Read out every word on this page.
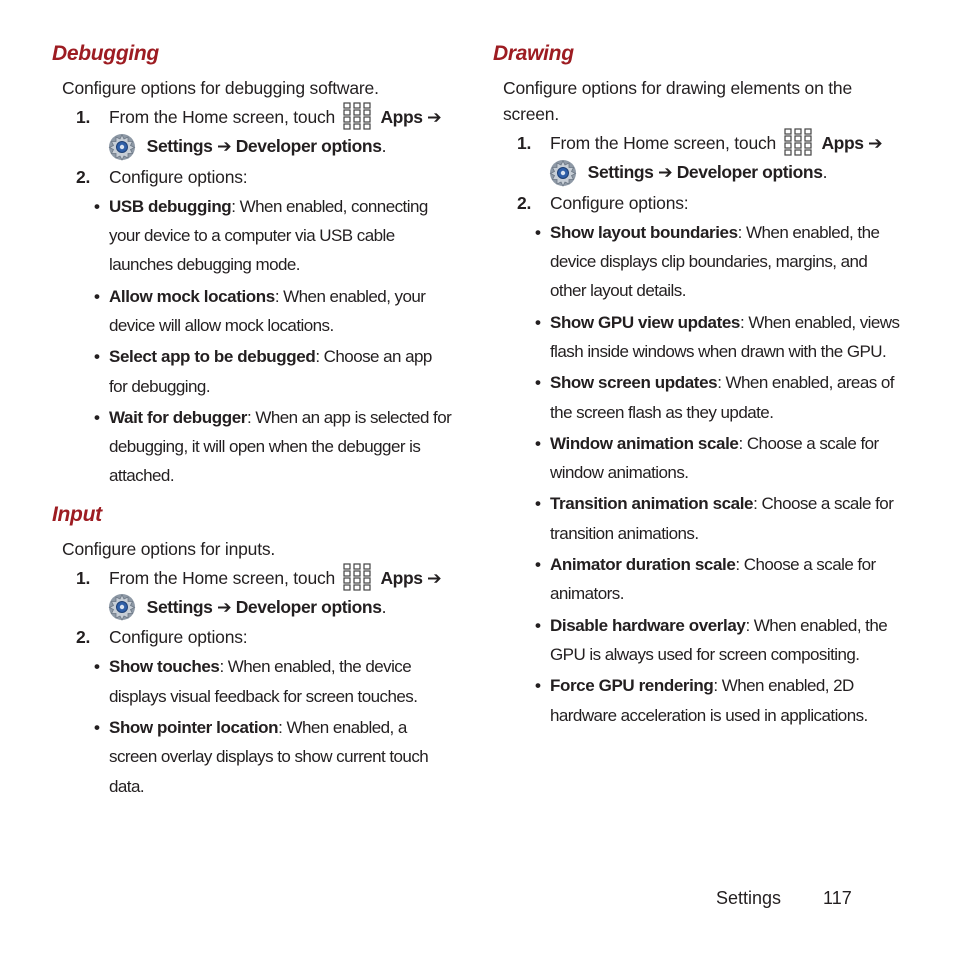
Debugging
Configure options for debugging software.
1.	From the Home screen, touch	Apps ➔
Settings ➔ Developer options.
2.	Configure options:
• USB debugging: When enabled, connecting your device to a computer via USB cable launches debugging mode.
• Allow mock locations: When enabled, your device will allow mock locations.
• Select app to be debugged: Choose an app for debugging.
• Wait for debugger: When an app is selected for debugging, it will open when the debugger is attached.
Input
Configure options for inputs.
1.	From the Home screen, touch	Apps ➔
Settings ➔ Developer options.
2.	Configure options:
• Show touches: When enabled, the device displays visual feedback for screen touches.
• Show pointer location: When enabled, a screen overlay displays to show current touch data.
Drawing
Configure options for drawing elements on the screen.
1.	From the Home screen, touch	Apps ➔
Settings ➔ Developer options.
2.	Configure options:
• Show layout boundaries: When enabled, the device displays clip boundaries, margins, and other layout details.
• Show GPU view updates: When enabled, views flash inside windows when drawn with the GPU.
• Show screen updates: When enabled, areas of the screen flash as they update.
• Window animation scale: Choose a scale for window animations.
• Transition animation scale: Choose a scale for transition animations.
• Animator duration scale: Choose a scale for animators.
• Disable hardware overlay: When enabled, the GPU is always used for screen compositing.
• Force GPU rendering: When enabled, 2D hardware acceleration is used in applications.
Settings 117
